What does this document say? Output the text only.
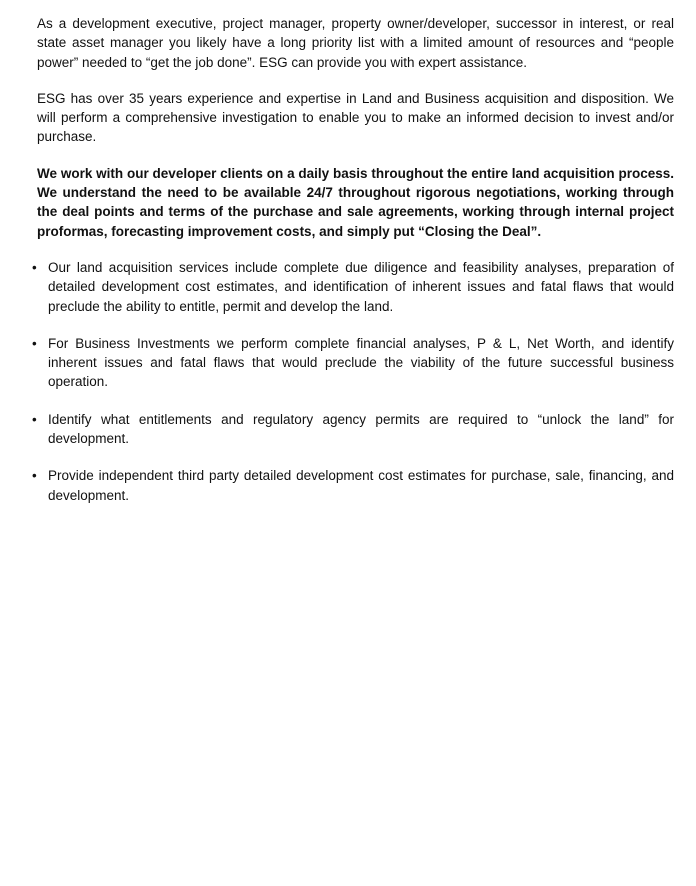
As a development executive, project manager, property owner/developer, successor in interest, or real state asset manager you likely have a long priority list with a limited amount of resources and “people power” needed to “get the job done”. ESG can provide you with expert assistance.

ESG has over 35 years experience and expertise in Land and Business acquisition and disposition. We will perform a comprehensive investigation to enable you to make an informed decision to invest and/or purchase.

We work with our developer clients on a daily basis throughout the entire land acquisition process. We understand the need to be available 24/7 throughout rigorous negotiations, working through the deal points and terms of the purchase and sale agreements, working through internal project proformas, forecasting improvement costs, and simply put “Closing the Deal”.

• Our land acquisition services include complete due diligence and feasibility analyses, preparation of detailed development cost estimates, and identification of inherent issues and fatal flaws that would preclude the ability to entitle, permit and develop the land.
• For Business Investments we perform complete financial analyses, P & L, Net Worth, and identify inherent issues and fatal flaws that would preclude the viability of the future successful business operation.
• Identify what entitlements and regulatory agency permits are required to “unlock the land” for development.
• Provide independent third party detailed development cost estimates for purchase, sale, financing, and development.
